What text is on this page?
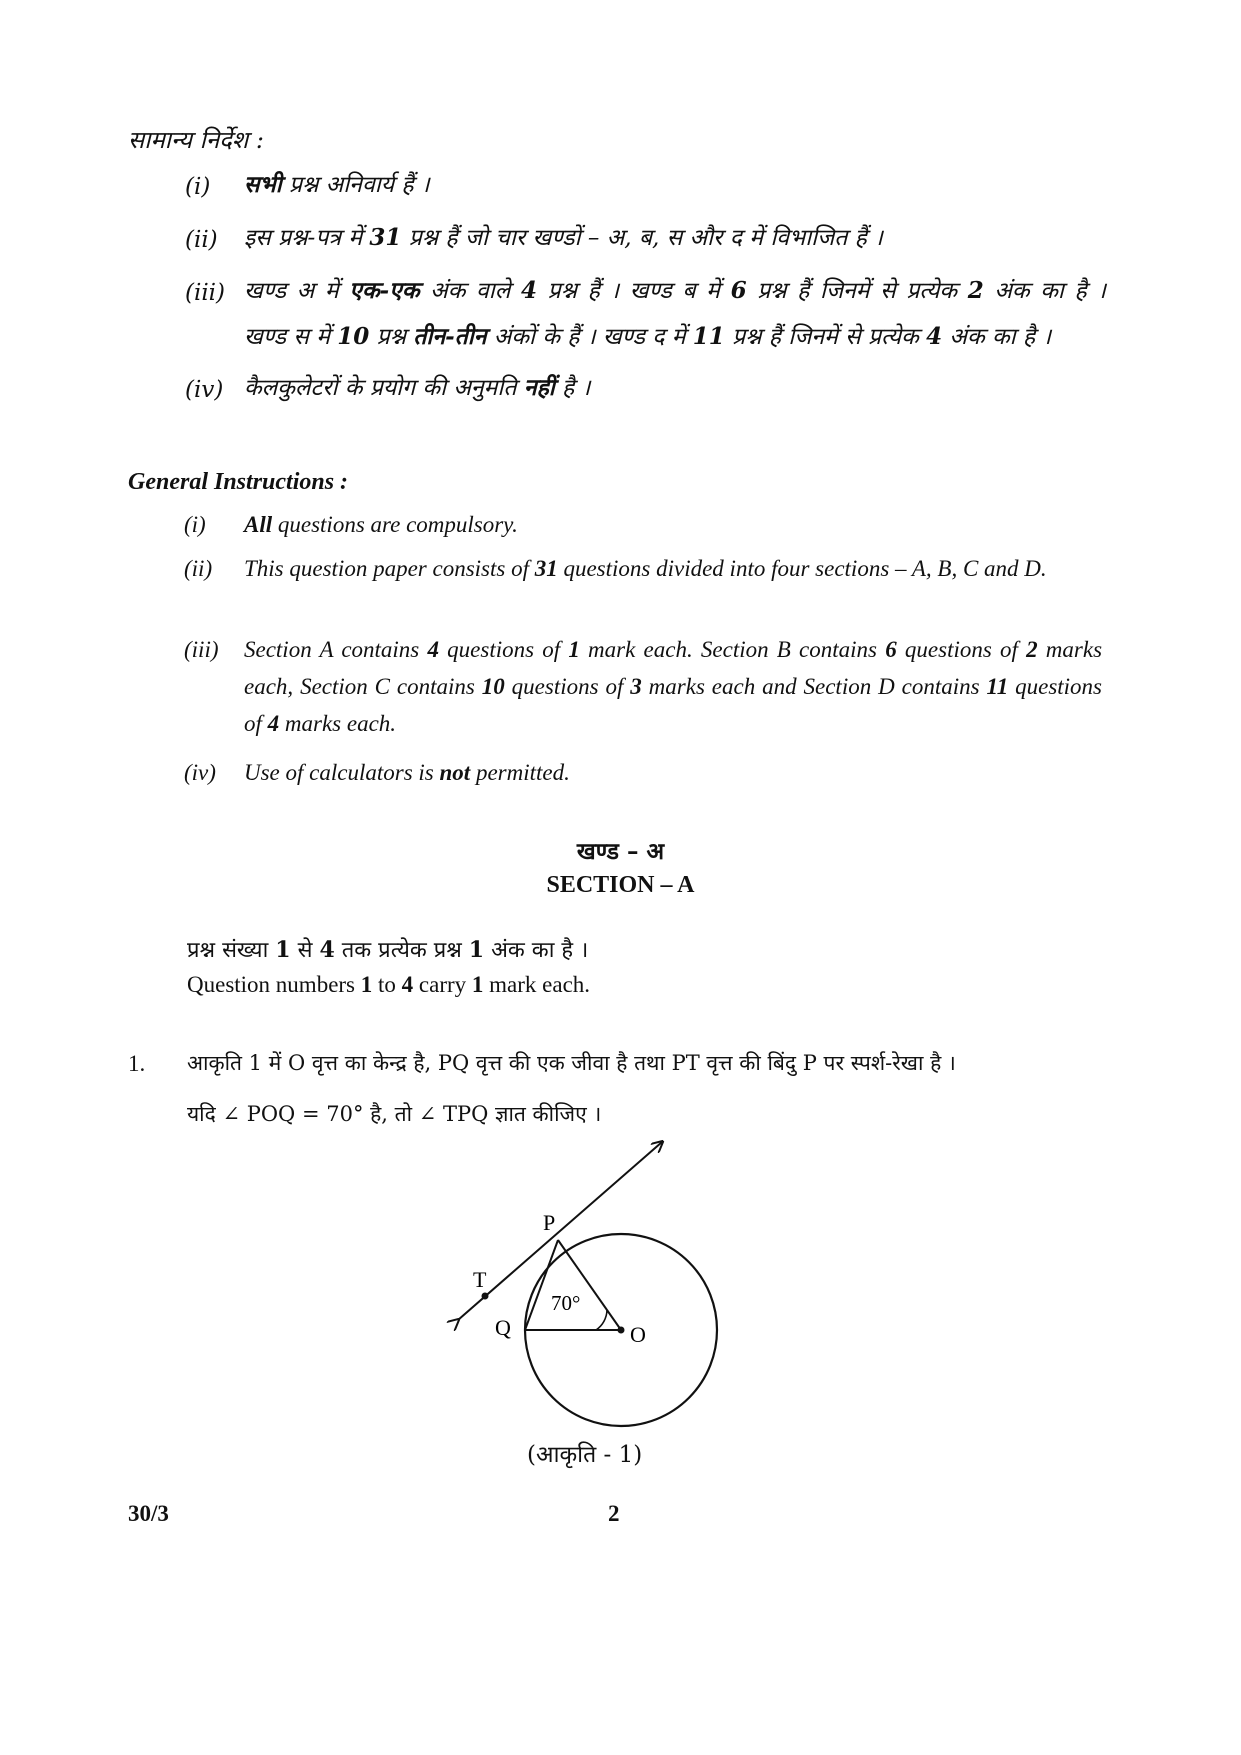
सामान्य निर्देश :
(i)	सभी प्रश्न अनिवार्य हैं ।
(ii)	इस प्रश्न-पत्र में 31 प्रश्न हैं जो चार खण्डों – अ, ब, स और द में विभाजित हैं ।
(iii) खण्ड अ में एक-एक अंक वाले 4 प्रश्न हैं । खण्ड ब में 6 प्रश्न हैं जिनमें से प्रत्येक 2 अंक का है ।
खण्ड स में 10 प्रश्न तीन-तीन अंकों के हैं । खण्ड द में 11 प्रश्न हैं जिनमें से प्रत्येक 4 अंक का है ।
(iv) कैलकुलेटरों के प्रयोग की अनुमति नहीं है ।
General Instructions :
(i)	All questions are compulsory.
(ii)	This question paper consists of 31 questions divided into four sections – A, B, C and D.
(iii)	Section A contains 4 questions of 1 mark each. Section B contains 6 questions of 2 marks each, Section C contains 10 questions of 3 marks each and Section D contains 11 questions of 4 marks each.
(iv)	Use of calculators is not permitted.
खण्ड – अ
SECTION – A
प्रश्न संख्या 1 से 4 तक प्रत्येक प्रश्न 1 अंक का है ।
Question numbers 1 to 4 carry 1 mark each.
1. आकृति 1 में O वृत्त का केन्द्र है, PQ वृत्त की एक जीवा है तथा PT वृत्त की बिंदु P पर स्पर्श-रेखा है ।
यदि ∠ POQ = 70° है, तो ∠ TPQ ज्ञात कीजिए ।
P
T
Q	O
70°
(आकृति - 1)
30/3	2
